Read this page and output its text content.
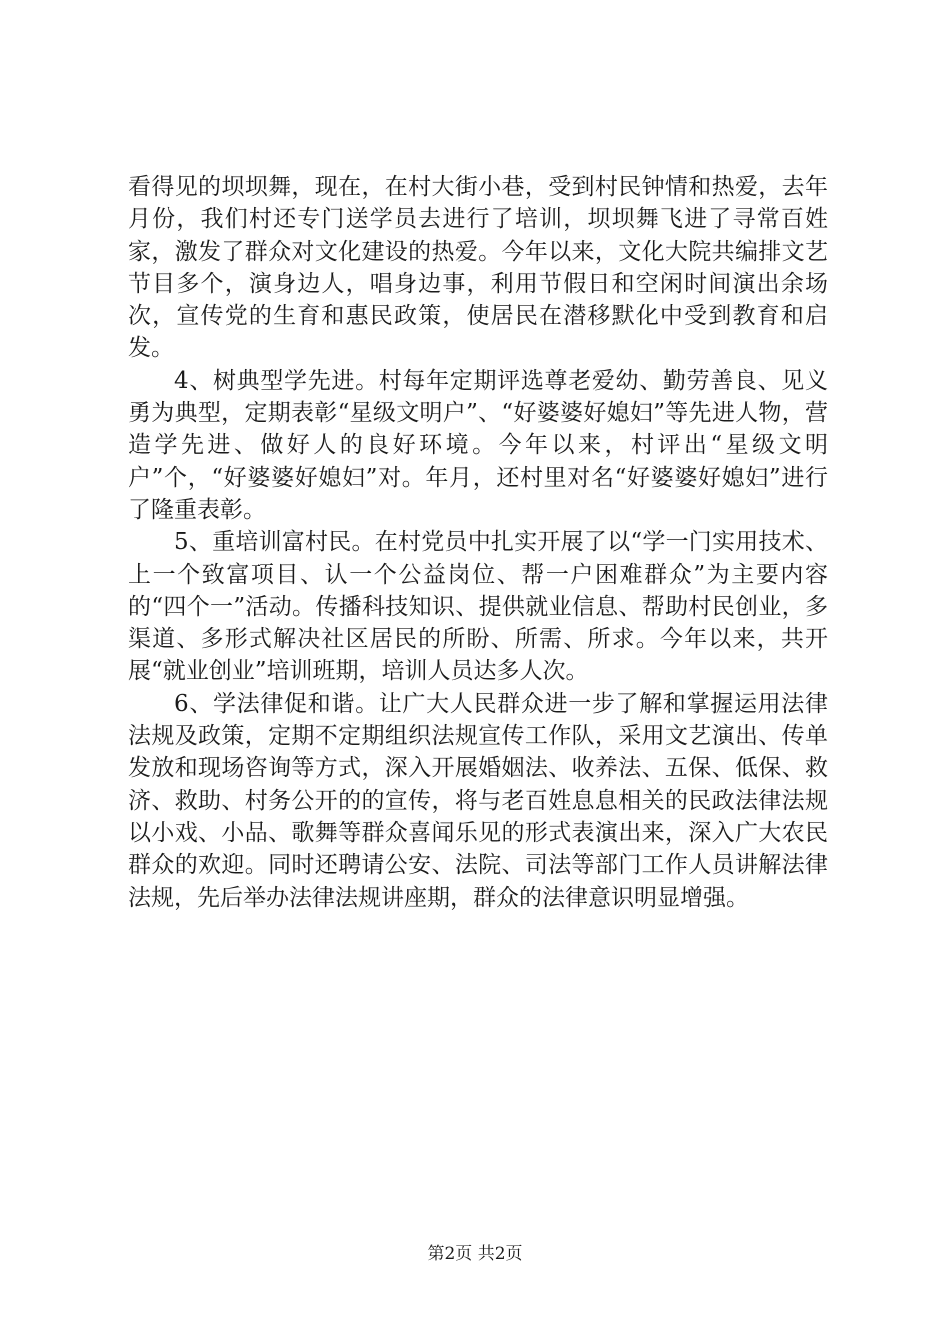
看得见的坝坝舞，现在，在村大街小巷，受到村民钟情和热爱，去年月份，我们村还专门送学员去进行了培训，坝坝舞飞进了寻常百姓家，激发了群众对文化建设的热爱。今年以来，文化大院共编排文艺节目多个，演身边人，唱身边事，利用节假日和空闲时间演出余场次，宣传党的生育和惠民政策，使居民在潜移默化中受到教育和启发。

4、树典型学先进。村每年定期评选尊老爱幼、勤劳善良、见义勇为典型，定期表彰“星级文明户”、“好婆婆好媳妇”等先进人物，营造学先进、做好人的良好环境。今年以来，村评出“星级文明户”个，“好婆婆好媳妇”对。年月，还村里对名“好婆婆好媳妇”进行了隆重表彰。

5、重培训富村民。在村党员中扎实开展了以“学一门实用技术、上一个致富项目、认一个公益岗位、帮一户困难群众”为主要内容的“四个一”活动。传播科技知识、提供就业信息、帮助村民创业，多渠道、多形式解决社区居民的所盼、所需、所求。今年以来，共开展“就业创业”培训班期，培训人员达多人次。

6、学法律促和谐。让广大人民群众进一步了解和掌握运用法律法规及政策，定期不定期组织法规宣传工作队，采用文艺演出、传单发放和现场咨询等方式，深入开展婚姻法、收养法、五保、低保、救济、救助、村务公开的的宣传，将与老百姓息息相关的民政法律法规以小戏、小品、歌舞等群众喜闻乐见的形式表演出来，深入广大农民群众的欢迎。同时还聘请公安、法院、司法等部门工作人员讲解法律法规，先后举办法律法规讲座期，群众的法律意识明显增强。

第2页 共2页
